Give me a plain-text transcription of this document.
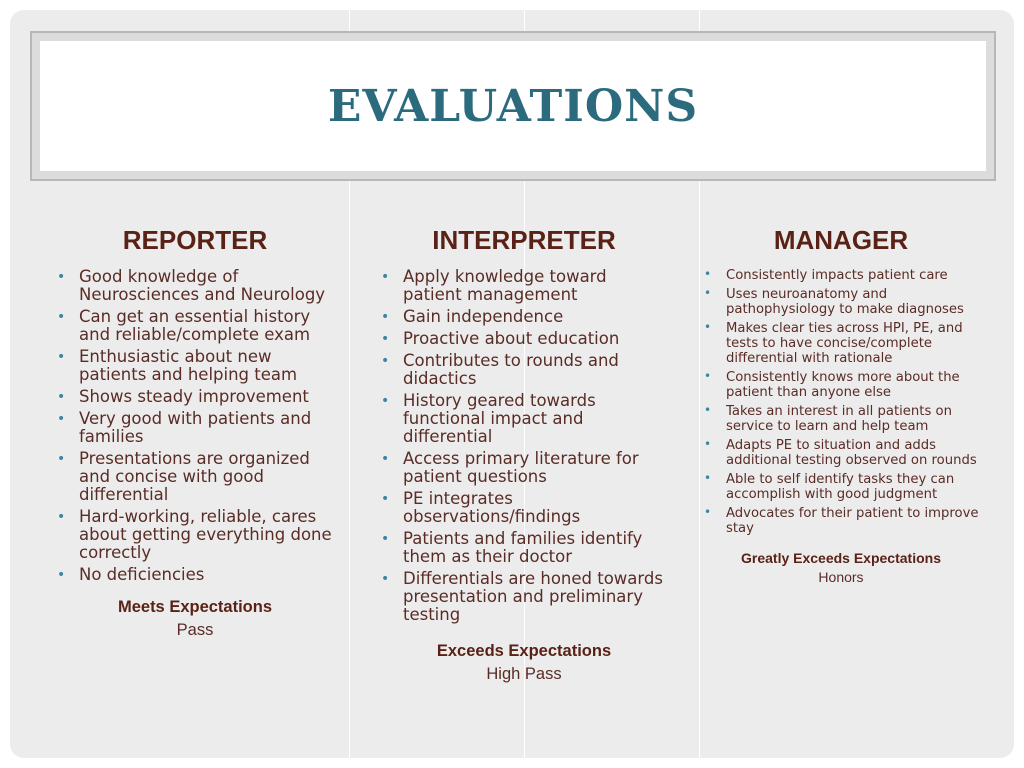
EVALUATIONS
REPORTER
• Good knowledge of Neurosciences and Neurology
• Can get an essential history and reliable/complete exam
• Enthusiastic about new patients and helping team
• Shows steady improvement
• Very good with patients and families
• Presentations are organized and concise with good differential
• Hard-working, reliable, cares about getting everything done correctly
• No deficiencies
Meets Expectations
Pass
INTERPRETER
• Apply knowledge toward patient management
• Gain independence
• Proactive about education
• Contributes to rounds and didactics
• History geared towards functional impact and differential
• Access primary literature for patient questions
• PE integrates observations/findings
• Patients and families identify them as their doctor
• Differentials are honed towards presentation and preliminary testing
Exceeds Expectations
High Pass
MANAGER
• Consistently impacts patient care
• Uses neuroanatomy and pathophysiology to make diagnoses
• Makes clear ties across HPI, PE, and tests to have concise/complete differential with rationale
• Consistently knows more about the patient than anyone else
• Takes an interest in all patients on service to learn and help team
• Adapts PE to situation and adds additional testing observed on rounds
• Able to self identify tasks they can accomplish with good judgment
• Advocates for their patient to improve stay
Greatly Exceeds Expectations
Honors
